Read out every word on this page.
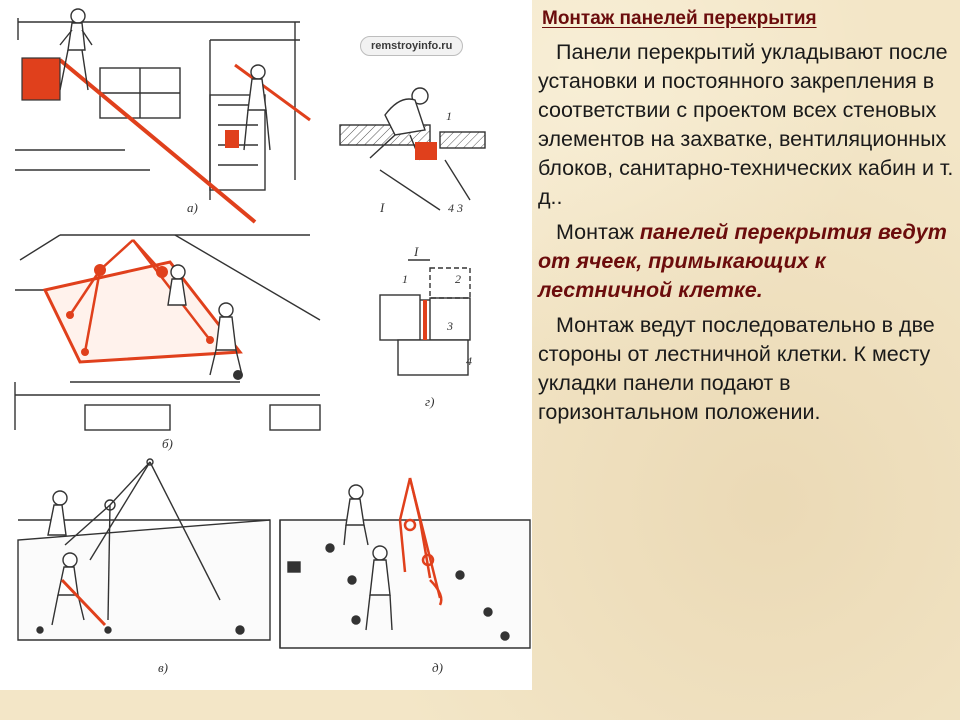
а)
1
I	4 3
б)
I
1	2
3
4
г)
в)	д)
remstroyinfo.ru
Монтаж панелей перекрытия

Панели перекрытий укладывают после установки и постоянного закрепления в соответствии с проектом всех стеновых элементов на захватке, вентиляционных блоков, санитарно-технических кабин и т. д..

Монтаж панелей перекрытия ведут от ячеек, примыкающих к лестничной клетке.

Монтаж ведут последовательно в две стороны от лестничной клетки. К месту укладки панели подают в горизонтальном положении.
